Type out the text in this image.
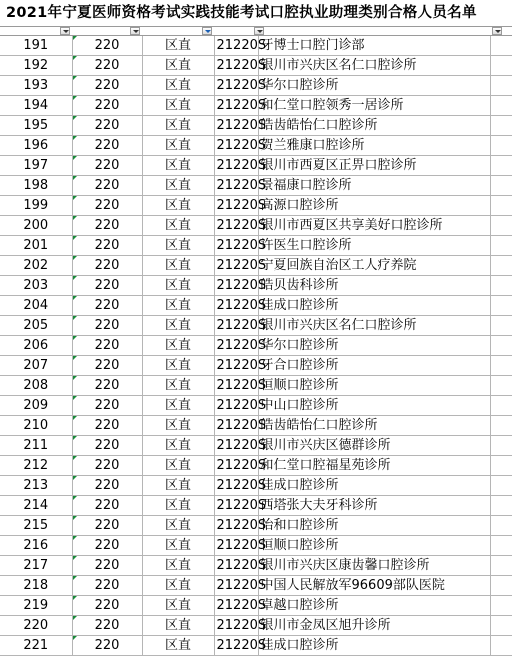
2021年宁夏医师资格考试实践技能考试口腔执业助理类别合格人员名单
191	220	区直	21220S	牙博士口腔门诊部	
192	220	区直	21220S	银川市兴庆区名仁口腔诊所	
193	220	区直	21220S	华尔口腔诊所	
194	220	区直	21220S	和仁堂口腔领秀一居诊所	
195	220	区直	21220S	皓齿皓怡仁口腔诊所	
196	220	区直	21220S	贺兰雅康口腔诊所	
197	220	区直	21220S	银川市西夏区正畀口腔诊所	
198	220	区直	21220S	景福康口腔诊所	
199	220	区直	21220S	高源口腔诊所	
200	220	区直	21220S	银川市西夏区共享美好口腔诊所	
201	220	区直	21220S	许医生口腔诊所	
202	220	区直	21220S	宁夏回族自治区工人疗养院	
203	220	区直	21220S	皓贝齿科诊所	
204	220	区直	21220S	佳成口腔诊所	
205	220	区直	21220S	银川市兴庆区名仁口腔诊所	
206	220	区直	21220S	华尔口腔诊所	
207	220	区直	21220S	牙合口腔诊所	
208	220	区直	21220S	恒顺口腔诊所	
209	220	区直	21220S	中山口腔诊所	
210	220	区直	21220S	皓齿皓怡仁口腔诊所	
211	220	区直	21220S	银川市兴庆区德群诊所	
212	220	区直	21220S	和仁堂口腔福星苑诊所	
213	220	区直	21220S	佳成口腔诊所	
214	220	区直	21220S	西塔张大夫牙科诊所	
215	220	区直	21220S	怡和口腔诊所	
216	220	区直	21220S	恒顺口腔诊所	
217	220	区直	21220S	银川市兴庆区康齿馨口腔诊所	
218	220	区直	21220S	中国人民解放军96609部队医院	
219	220	区直	21220S	卓越口腔诊所	
220	220	区直	21220S	银川市金凤区旭升诊所	
221	220	区直	21220S	佳成口腔诊所	
